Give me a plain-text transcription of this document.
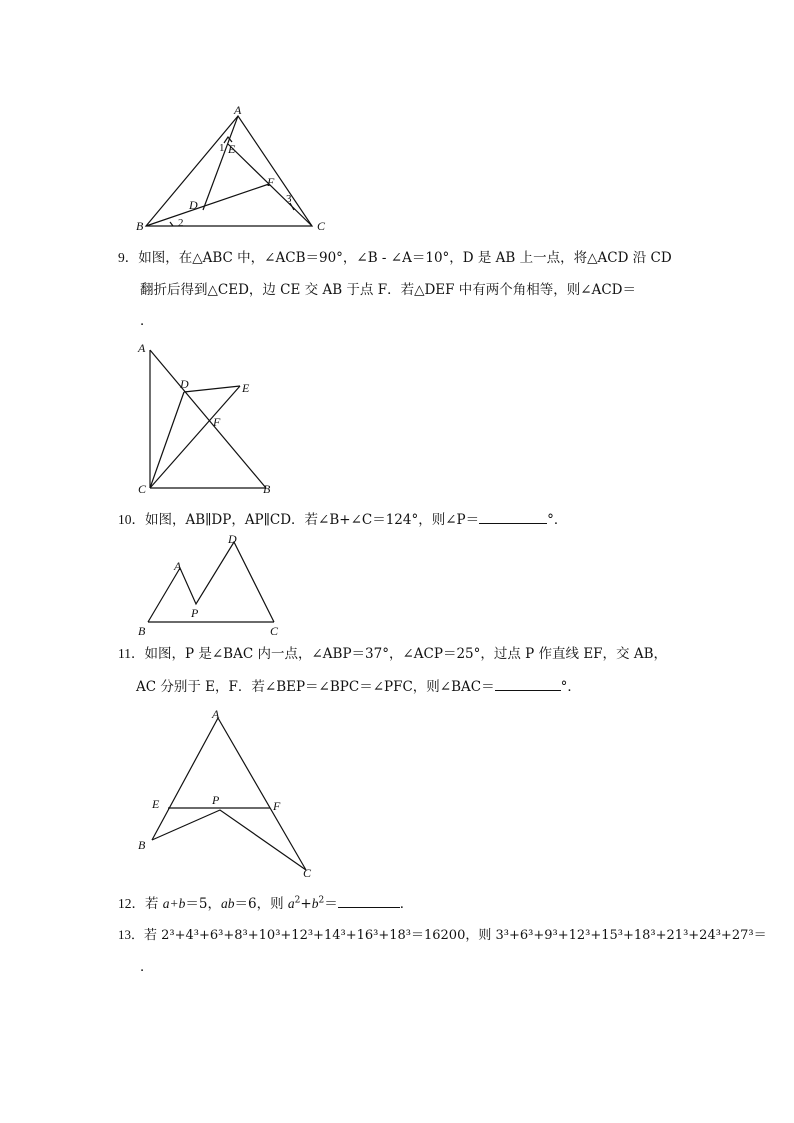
A
B	C
D
E
F
1
2
3
9．如图，在△ABC 中，∠ACB＝90°，∠B - ∠A＝10°，D 是 AB 上一点，将△ACD 沿 CD
翻折后得到△CED，边 CE 交 AB 于点 F．若△DEF 中有两个角相等，则∠ACD＝
．
A
C	B
D	E
F
10．如图，AB∥DP，AP∥CD．若∠B+∠C＝124°，则∠P＝	°．
A
D
P
B	C
11．如图，P 是∠BAC 内一点，∠ABP＝37°，∠ACP＝25°，过点 P 作直线 EF，交 AB，
AC 分别于 E，F．若∠BEP＝∠BPC＝∠PFC，则∠BAC＝	°．
A
E	P	F
B
C
12．若 a+b＝5，ab＝6，则 $a^2+b^2=$	．
13．若 2³+4³+6³+8³+10³+12³+14³+16³+18³＝16200，则 3³+6³+9³+12³+15³+18³+21³+24³+27³＝
．
